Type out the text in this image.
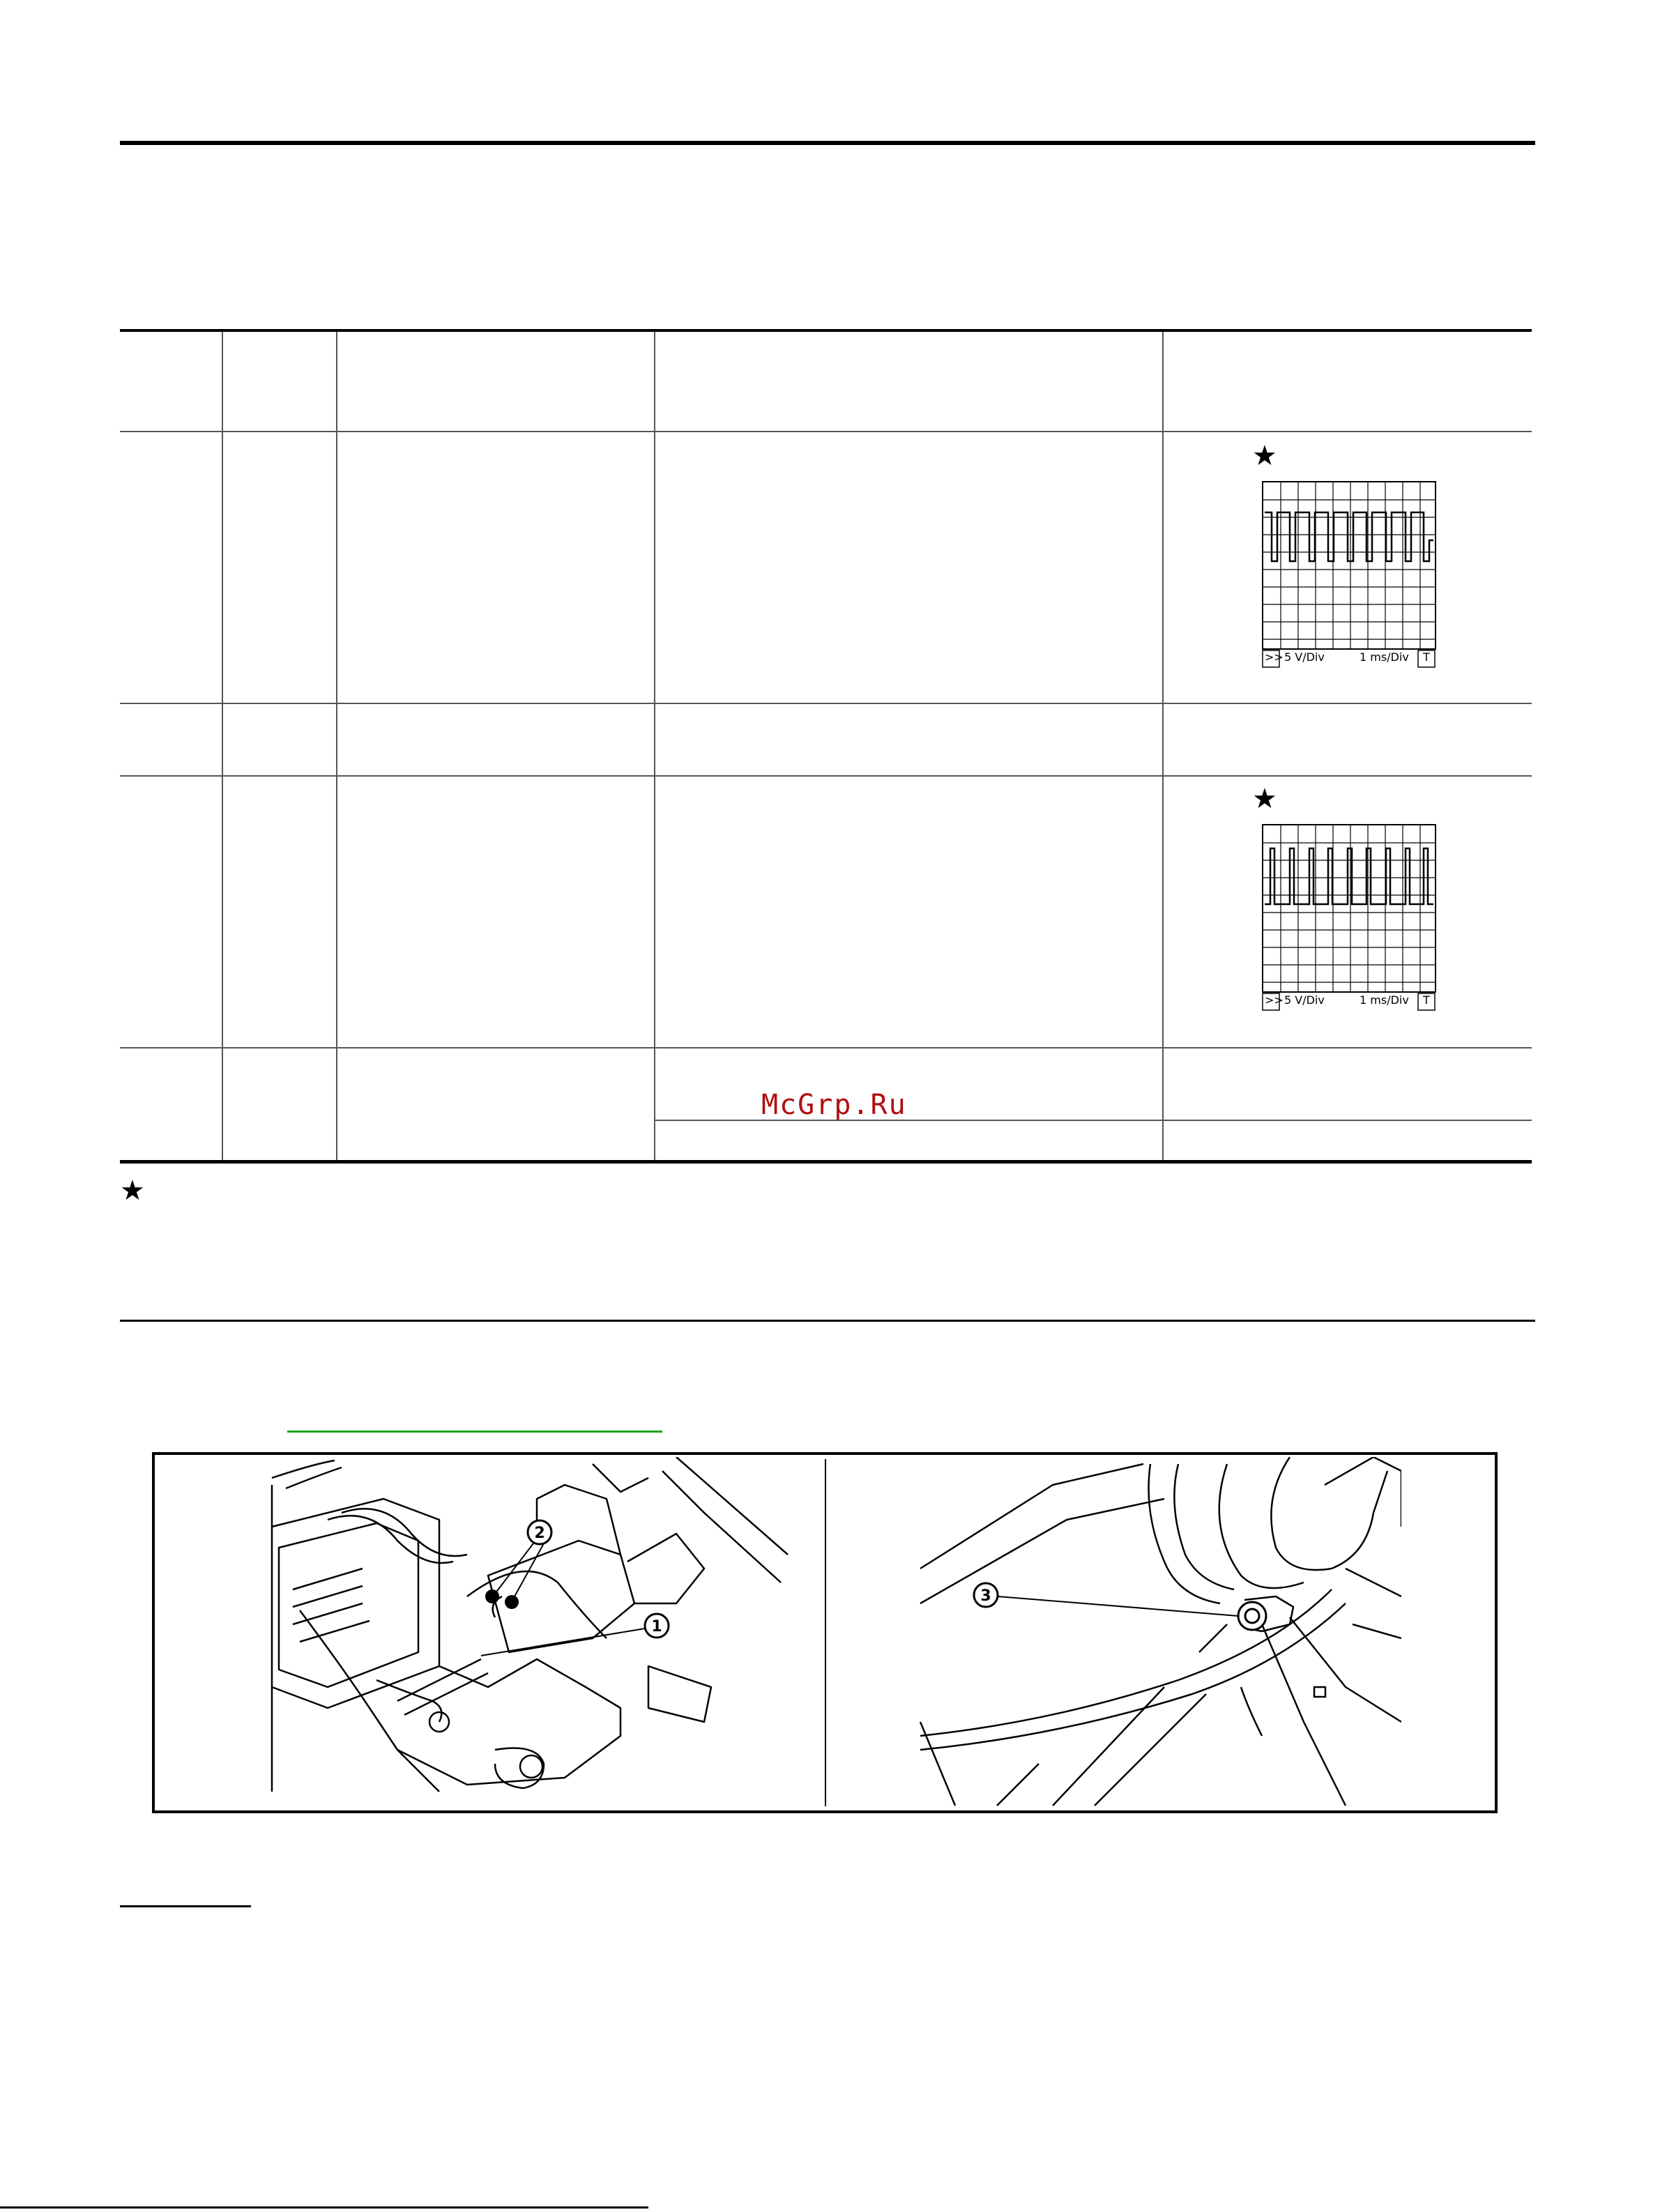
★
>> 5 V/Div	1 ms/Div T
★
>> 5 V/Div	1 ms/Div T
McGrp.Ru
★
2
1
3
